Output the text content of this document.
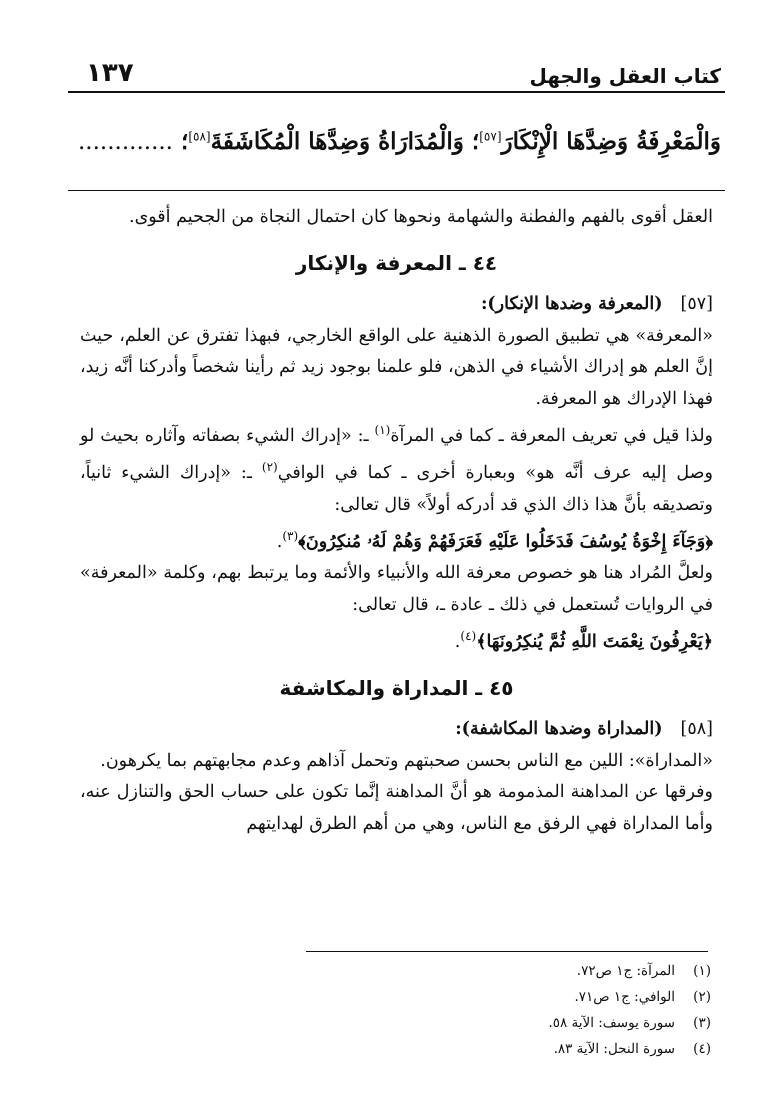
كتاب العقل والجهل
١٣٧
وَالْمَعْرِفَةُ وَضِدَّهَا الْإِنْكَارَ[٥٧]؛ وَالْمُدَارَاةُ وَضِدَّهَا الْمُكَاشَفَةَ[٥٨]؛ .............

العقل أقوى بالفهم والفطنة والشهامة ونحوها كان احتمال النجاة من الجحيم أقوى.

٤٤ ـ المعرفة والإنكار
[٥٧]
(المعرفة وضدها الإنكار):

«المعرفة» هي تطبيق الصورة الذهنية على الواقع الخارجي، فبهذا تفترق عن العلم، حيث إنَّ العلم هو إدراك الأشياء في الذهن، فلو علمنا بوجود زيد ثم رأينا شخصاً وأدركنا أنَّه زيد، فهذا الإدراك هو المعرفة.

ولذا قيل في تعريف المعرفة ـ كما في المرآة$^{(١)}$ ـ: «إدراك الشيء بصفاته وآثاره بحيث لو وصل إليه عرف أنَّه هو» وبعبارة أخرى ـ كما في الوافي$^{(٢)}$ ـ: «إدراك الشيء ثانياً، وتصديقه بأنَّ هذا ذاك الذي قد أدركه أولاً» قال تعالى:

﴿وَجَآءَ إِخْوَةُ يُوسُفَ فَدَخَلُوا عَلَيْهِ فَعَرَفَهُمْ وَهُمْ لَهُۥ مُنكِرُونَ﴾$^{(٣)}$.

ولعلَّ المُراد هنا هو خصوص معرفة الله والأنبياء والأئمة وما يرتبط بهم، وكلمة «المعرفة» في الروايات تُستعمل في ذلك ـ عادة ـ، قال تعالى:

﴿يَعْرِفُونَ نِعْمَتَ اللَّهِ ثُمَّ يُنكِرُونَهَا﴾$^{(٤)}$.

٤٥ ـ المداراة والمكاشفة
[٥٨]
(المداراة وضدها المكاشفة):

«المداراة»: اللين مع الناس بحسن صحبتهم وتحمل آذاهم وعدم مجابهتهم بما يكرهون.

وفرقها عن المداهنة المذمومة هو أنَّ المداهنة إنَّما تكون على حساب الحق والتنازل عنه، وأما المداراة فهي الرفق مع الناس، وهي من أهم الطرق لهدايتهم

(١)
المرآة: ج١ ص٧٢.
(٢)
الوافي: ج١ ص٧١.
(٣)
سورة يوسف: الآية ٥٨.
(٤)
سورة النحل: الآية ٨٣.
